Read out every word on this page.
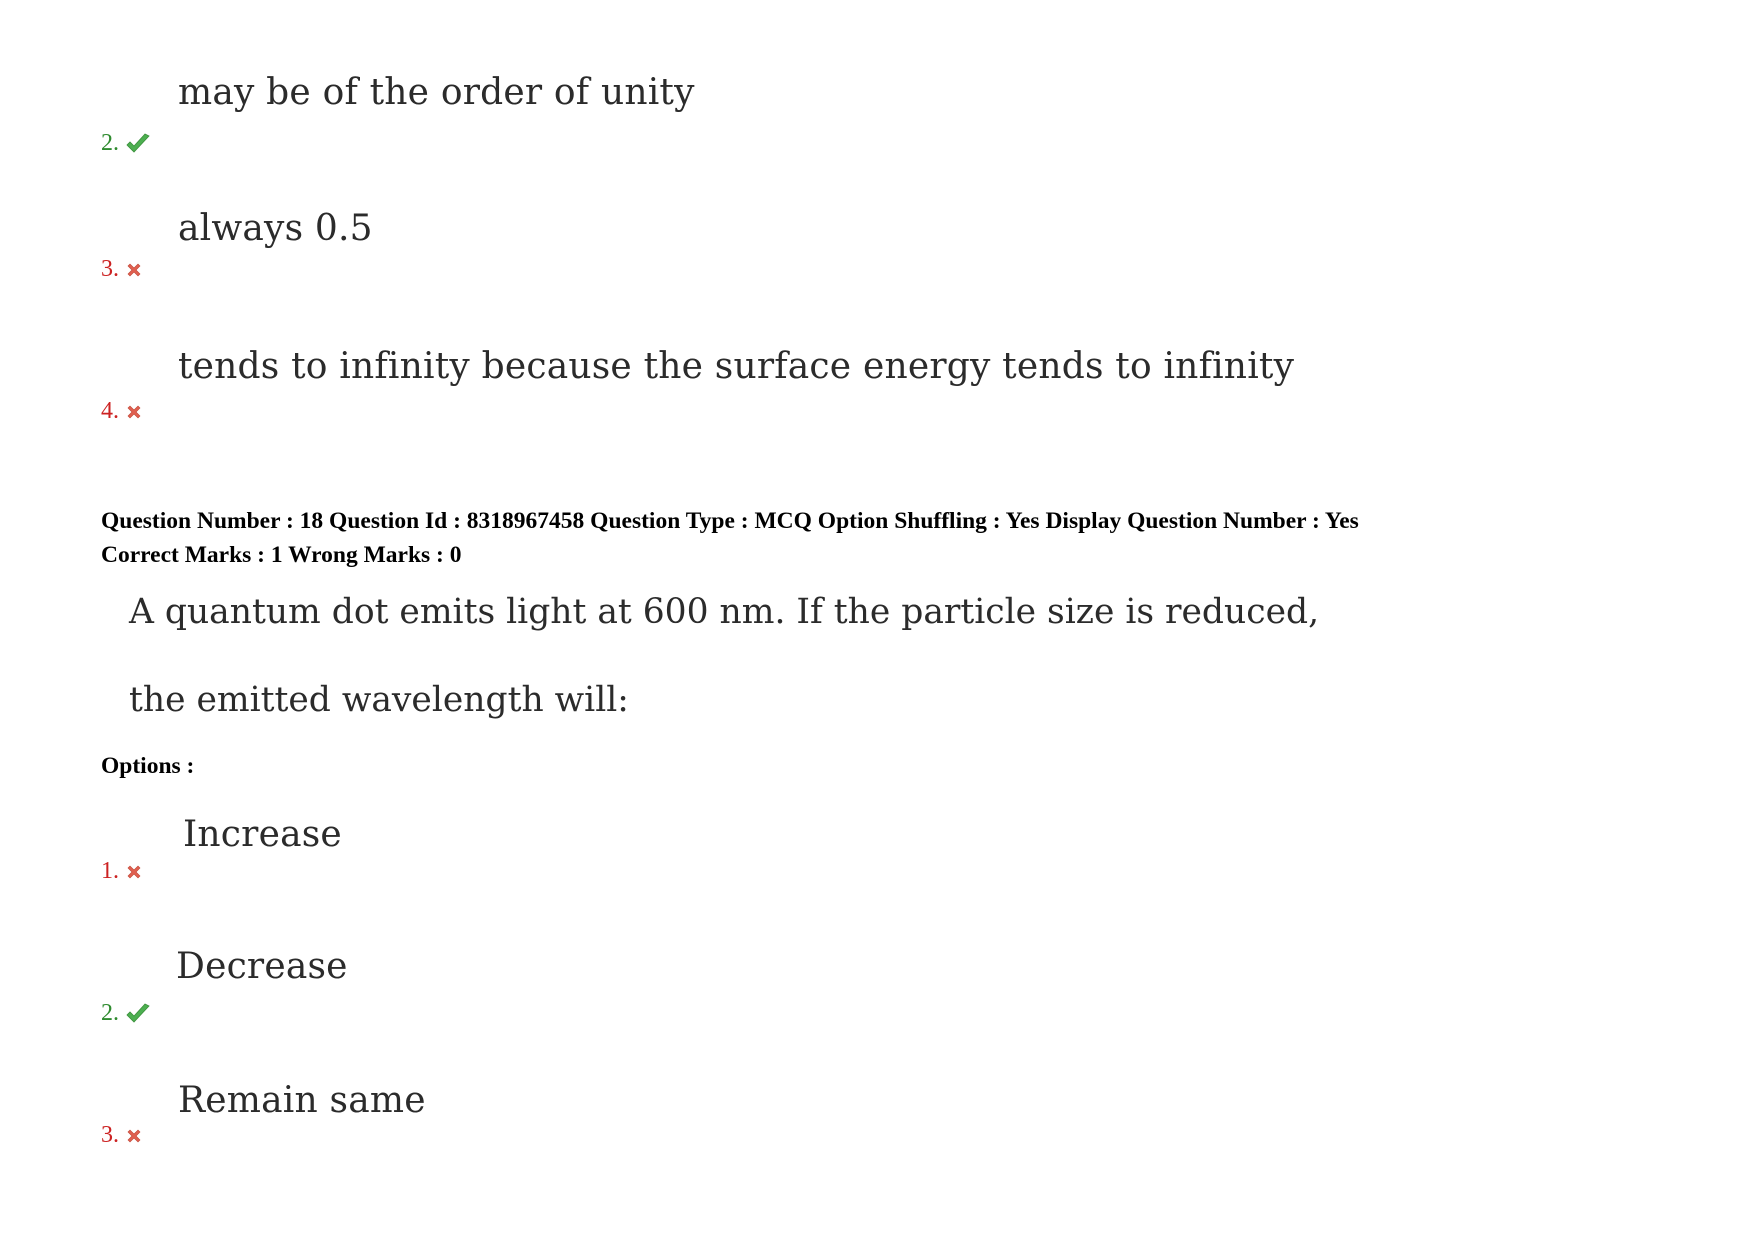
may be of the order of unity
2.
always 0.5
3.
tends to infinity because the surface energy tends to infinity
4.
Question Number : 18 Question Id : 8318967458 Question Type : MCQ Option Shuffling : Yes Display Question Number : Yes
Correct Marks : 1 Wrong Marks : 0
A quantum dot emits light at 600 nm. If the particle size is reduced,
the emitted wavelength will:
Options :
Increase
1.
Decrease
2.
Remain same
3.
